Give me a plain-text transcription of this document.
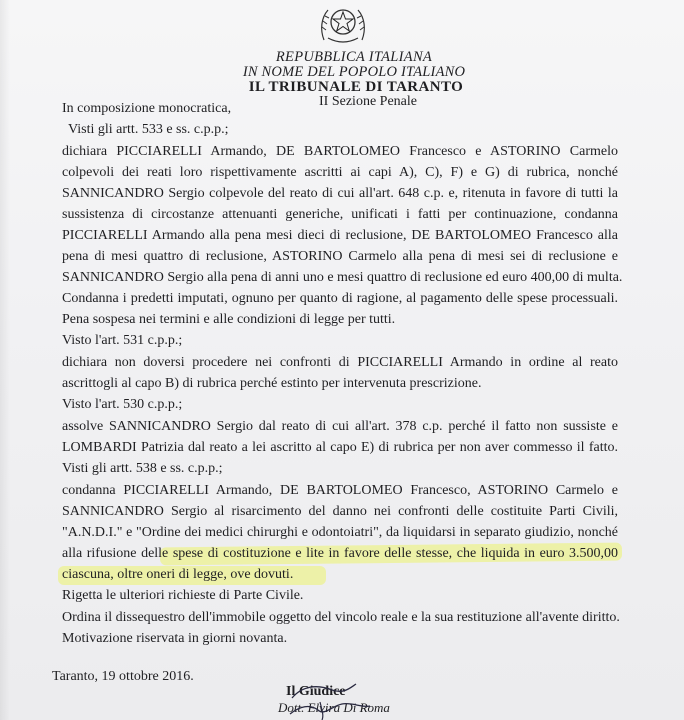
REPUBBLICA ITALIANA
IN NOME DEL POPOLO ITALIANO
IL TRIBUNALE DI TARANTO
II Sezione Penale
In composizione monocratica,
Visti gli artt. 533 e ss. c.p.p.;
dichiara PICCIARELLI Armando, DE BARTOLOMEO Francesco e ASTORINO Carmelo
colpevoli dei reati loro rispettivamente ascritti ai capi A), C), F) e G) di rubrica, nonché
SANNICANDRO Sergio colpevole del reato di cui all'art. 648 c.p. e, ritenuta in favore di tutti la
sussistenza di circostanze attenuanti generiche, unificati i fatti per continuazione, condanna
PICCIARELLI Armando alla pena mesi dieci di reclusione, DE BARTOLOMEO Francesco alla
pena di mesi quattro di reclusione, ASTORINO Carmelo alla pena di mesi sei di reclusione e
SANNICANDRO Sergio alla pena di anni uno e mesi quattro di reclusione ed euro 400,00 di multa.
Condanna i predetti imputati, ognuno per quanto di ragione, al pagamento delle spese processuali.
Pena sospesa nei termini e alle condizioni di legge per tutti.
Visto l'art. 531 c.p.p.;
dichiara non doversi procedere nei confronti di PICCIARELLI Armando in ordine al reato
ascrittogli al capo B) di rubrica perché estinto per intervenuta prescrizione.
Visto l'art. 530 c.p.p.;
assolve SANNICANDRO Sergio dal reato di cui all'art. 378 c.p. perché il fatto non sussiste e
LOMBARDI Patrizia dal reato a lei ascritto al capo E) di rubrica per non aver commesso il fatto.
Visti gli artt. 538 e ss. c.p.p.;
condanna PICCIARELLI Armando, DE BARTOLOMEO Francesco, ASTORINO Carmelo e
SANNICANDRO Sergio al risarcimento del danno nei confronti delle costituite Parti Civili,
"A.N.D.I." e "Ordine dei medici chirurghi e odontoiatri", da liquidarsi in separato giudizio, nonché
alla rifusione delle spese di costituzione e lite in favore delle stesse, che liquida in euro 3.500,00
ciascuna, oltre oneri di legge, ove dovuti.
Rigetta le ulteriori richieste di Parte Civile.
Ordina il dissequestro dell'immobile oggetto del vincolo reale e la sua restituzione all'avente diritto.
Motivazione riservata in giorni novanta.
Taranto, 19 ottobre 2016.
Il Giudice
Dott. Elvira Di Roma
